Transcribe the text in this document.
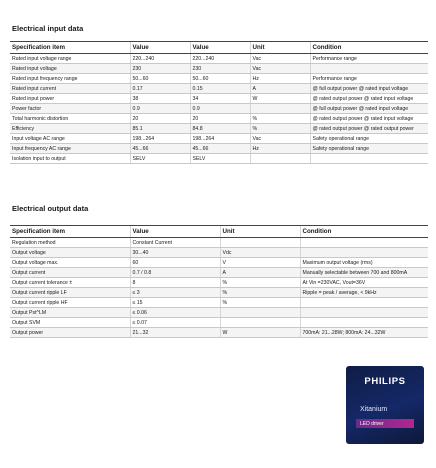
Electrical input data
Specification item	Value	Value	Unit	Condition
Rated input voltage range	220...240	220...240	Vac	Performance range
Rated input voltage	230	230	Vac	
Rated input frequency range	50...60	50...60	Hz	Performance range
Rated input current	0.17	0.15	A	@ full output power @ rated input voltage
Rated input power	38	34	W	@ rated output power @ rated input voltage
Power factor	0.9	0.9		@ full output power @ rated input voltage
Total harmonic distortion	20	20	%	@ rated output power @ rated input voltage
Efficiency	85.1	84.8	%	@ rated output power @ rated output power
Input voltage AC range	198...264	198...264	Vac	Safety operational range
Input frequency AC range	45...66	45...66	Hz	Safety operational range
Isolation input to output	SELV	SELV		
Electrical output data
Specification item	Value	Unit	Condition
Regulation method	Constant Current		
Output voltage	30...40	Vdc	
Output voltage max.	60	V	Maximum output voltage (rms)
Output current	0.7 / 0.8	A	Manually selectable between 700 and 800mA
Output current tolerance ±	8	%	At Vin =230VAC, Vout=36V
Output current ripple LF	≤ 3	%	Ripple = peak / average, < 9kHz
Output current ripple HF	≤ 15	%	
Output Pst^LM	≤ 0.06		
Output SVM	≤ 0.07		
Output power	21...32	W	700mA: 21...28W; 800mA: 24...32W
PHILIPS
Xitanium
LED driver
